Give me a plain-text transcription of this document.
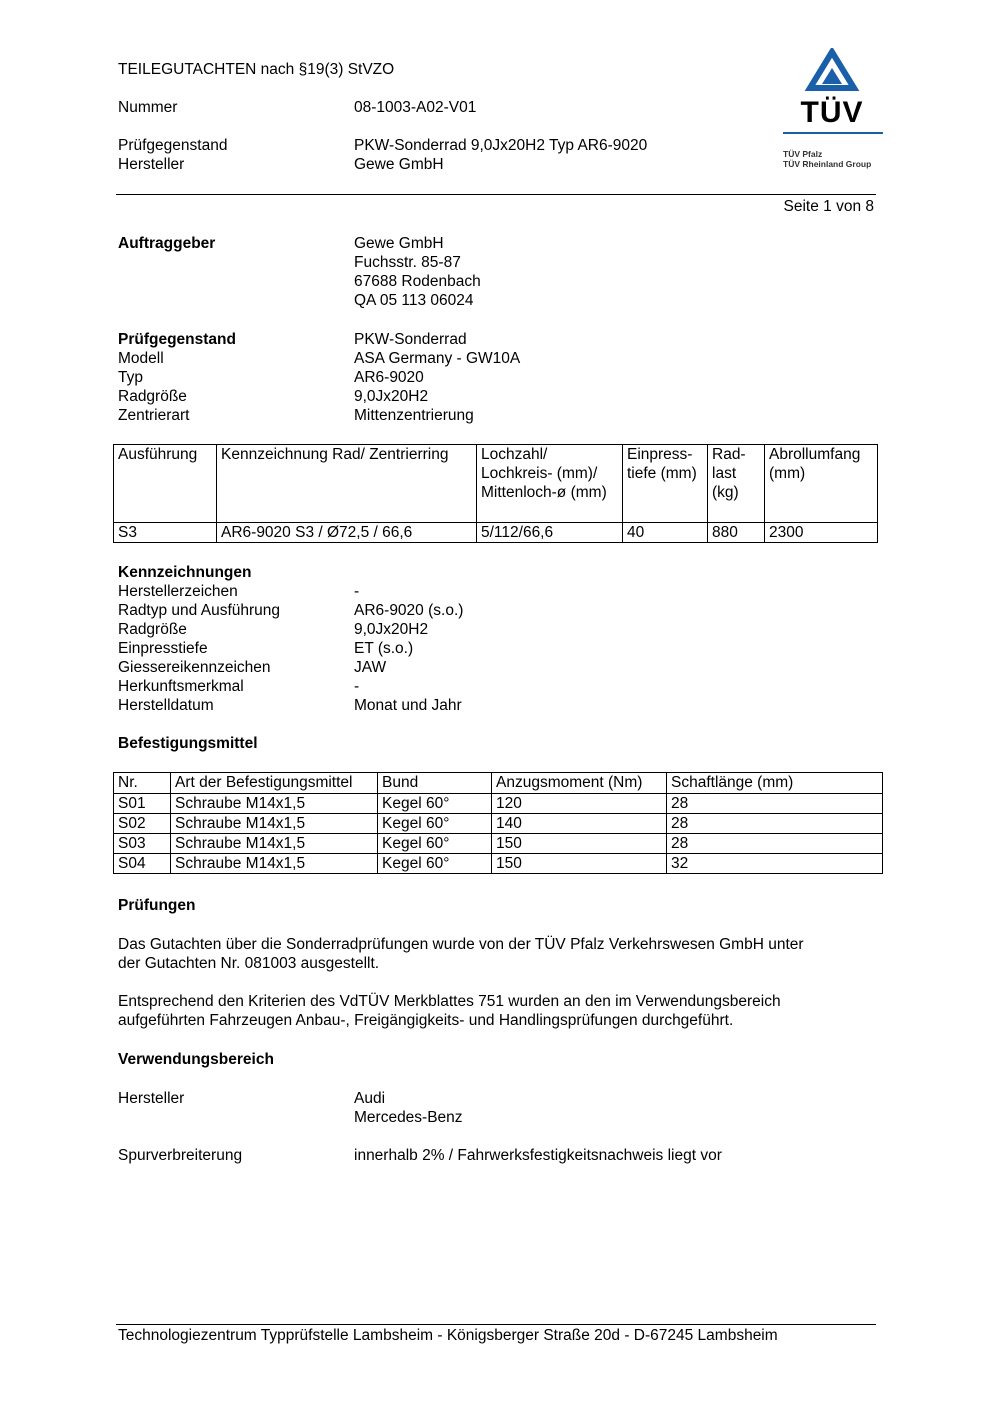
TEILEGUTACHTEN nach §19(3) StVZO
Nummer	08-1003-A02-V01
Prüfgegenstand	PKW-Sonderrad 9,0Jx20H2 Typ AR6-9020
Hersteller	Gewe GmbH
TÜV
TÜV Pfalz
TÜV Rheinland Group
Seite 1 von 8
Auftraggeber	Gewe GmbH
Fuchsstr. 85-87
67688 Rodenbach
QA 05 113 06024
Prüfgegenstand	PKW-Sonderrad
Modell	ASA Germany - GW10A
Typ	AR6-9020
Radgröße	9,0Jx20H2
Zentrierart	Mittenzentrierung
Ausführung	Kennzeichnung Rad/ Zentrierring	Lochzahl/ Lochkreis- (mm)/ Mittenloch-ø (mm)	Einpress- tiefe (mm)	Rad- last (kg)	Abrollumfang (mm)
S3	AR6-9020 S3 / Ø72,5 / 66,6	5/112/66,6	40	880	2300
Kennzeichnungen
Herstellerzeichen	-
Radtyp und Ausführung	AR6-9020 (s.o.)
Radgröße	9,0Jx20H2
Einpresstiefe	ET (s.o.)
Giessereikennzeichen	JAW
Herkunftsmerkmal	-
Herstelldatum	Monat und Jahr
Befestigungsmittel
Nr.	Art der Befestigungsmittel	Bund	Anzugsmoment (Nm)	Schaftlänge (mm)
S01	Schraube M14x1,5	Kegel 60°	120	28
S02	Schraube M14x1,5	Kegel 60°	140	28
S03	Schraube M14x1,5	Kegel 60°	150	28
S04	Schraube M14x1,5	Kegel 60°	150	32
Prüfungen
Das Gutachten über die Sonderradprüfungen wurde von der TÜV Pfalz Verkehrswesen GmbH unter
der Gutachten Nr. 081003 ausgestellt.
Entsprechend den Kriterien des VdTÜV Merkblattes 751 wurden an den im Verwendungsbereich
aufgeführten Fahrzeugen Anbau-, Freigängigkeits- und Handlingsprüfungen durchgeführt.
Verwendungsbereich
Hersteller	Audi
Mercedes-Benz
Spurverbreiterung	innerhalb 2% / Fahrwerksfestigkeitsnachweis liegt vor
Technologiezentrum Typprüfstelle Lambsheim - Königsberger Straße 20d - D-67245 Lambsheim
